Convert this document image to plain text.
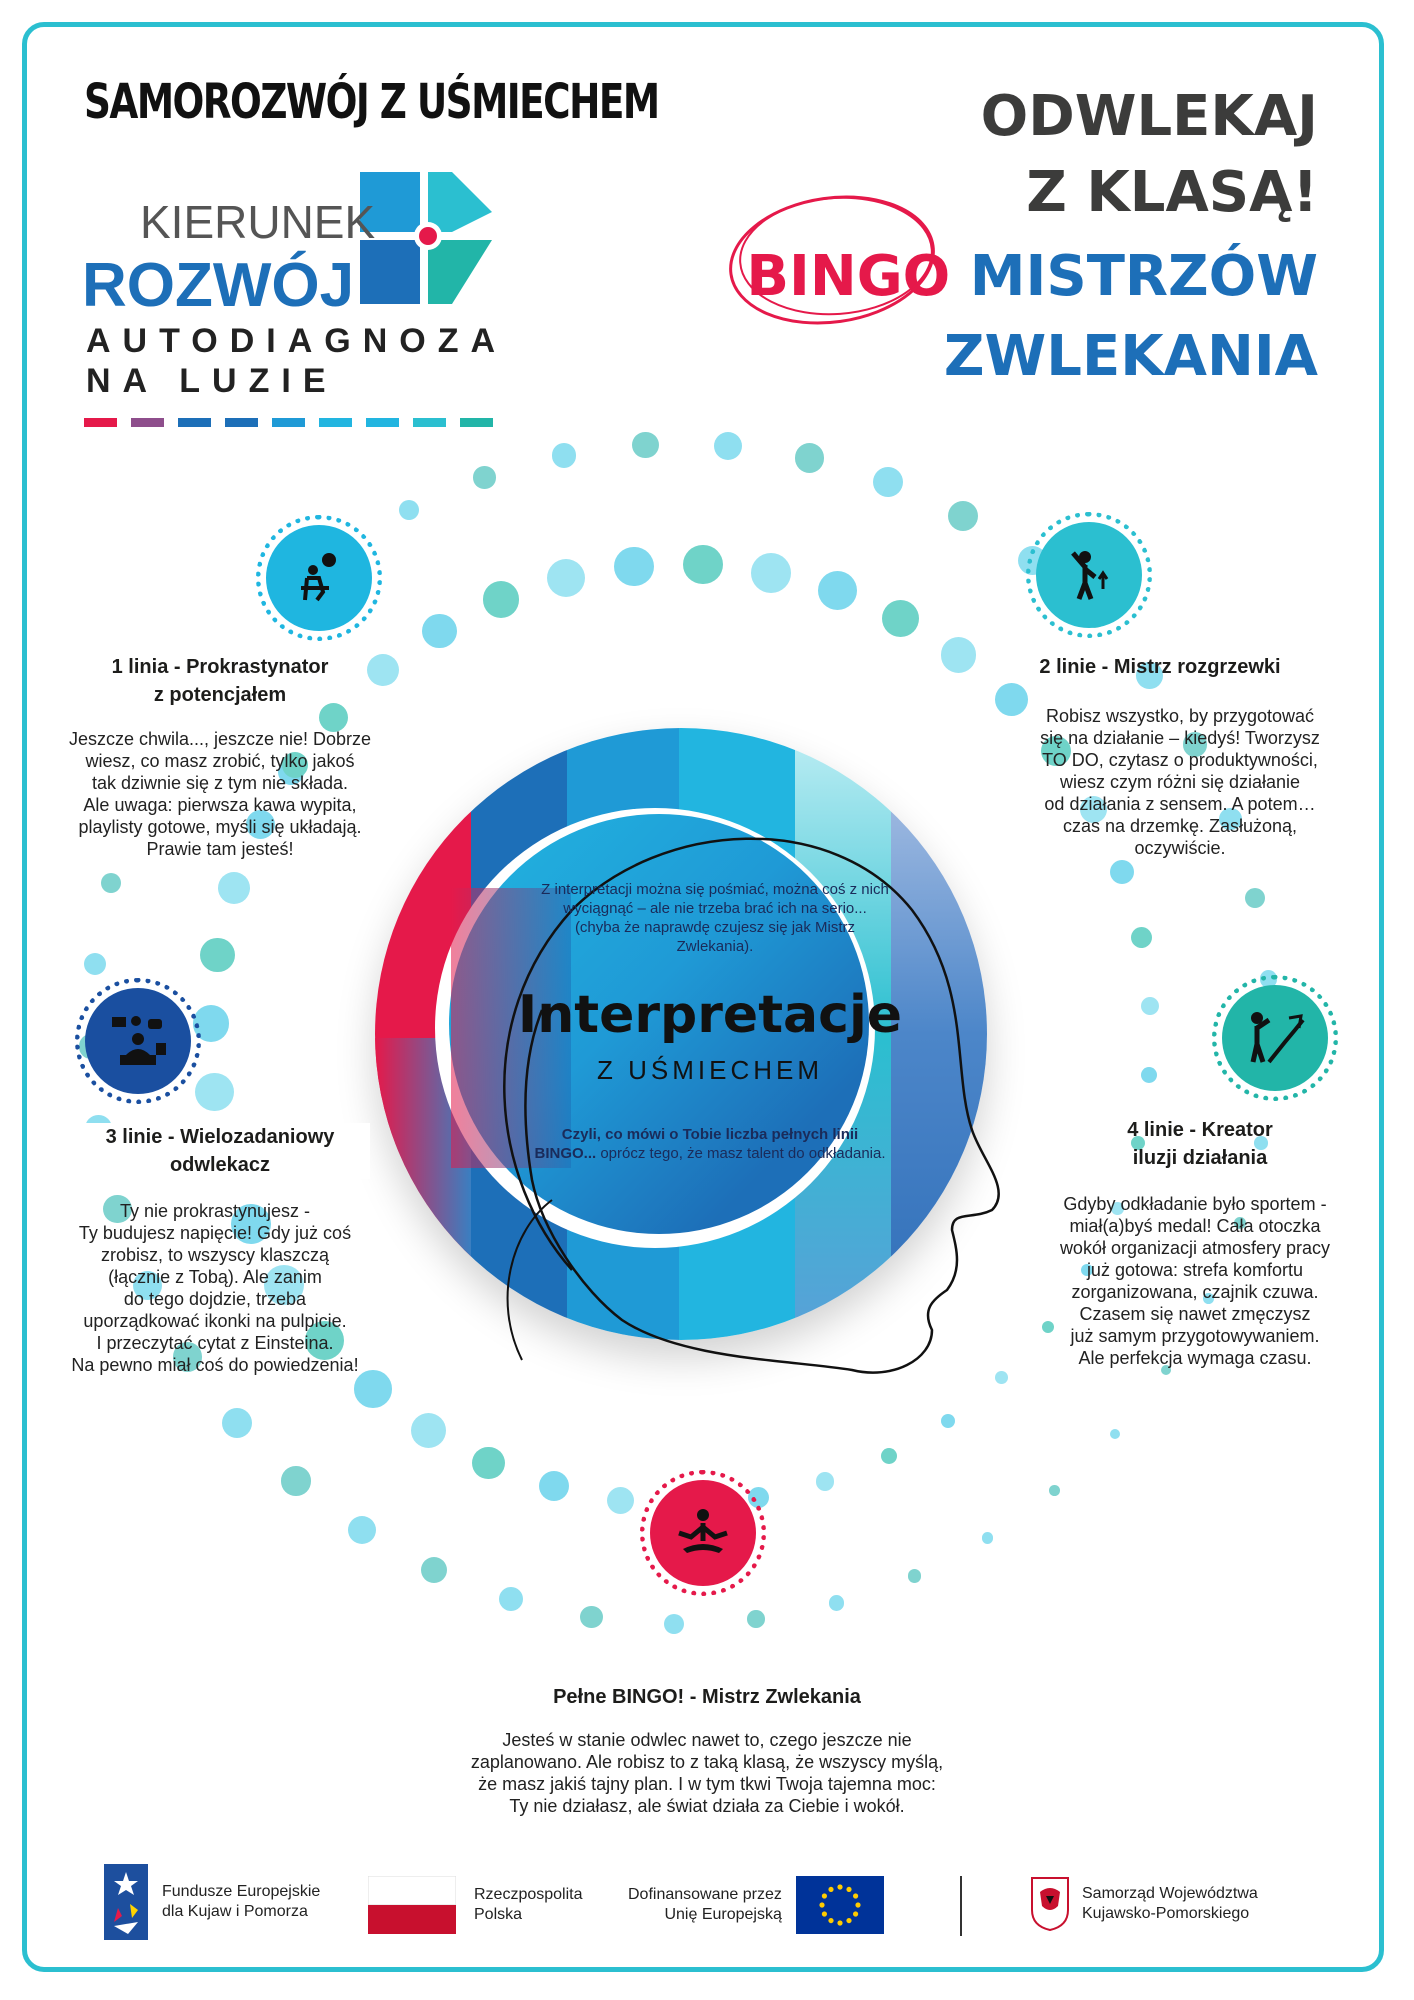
SAMOROZWÓJ Z UŚMIECHEM
KIERUNEK
ROZWÓJ
AUTODIAGNOZA
NA LUZIE
ODWLEKAJ
Z KLASĄ!
BINGO MISTRZÓW
ZWLEKANIA
Z interpretacji można się pośmiać, można coś z nich wyciągnąć – ale nie trzeba brać ich na serio... (chyba że naprawdę czujesz się jak Mistrz Zwlekania).
Interpretacje
Z UŚMIECHEM
Czyli, co mówi o Tobie liczba pełnych linii BINGO... oprócz tego, że masz talent do odkładania.
1 linia - Prokrastynator
z potencjałem
Jeszcze chwila..., jeszcze nie! Dobrze
wiesz, co masz zrobić, tylko jakoś
tak dziwnie się z tym nie składa.
Ale uwaga: pierwsza kawa wypita,
playlisty gotowe, myśli się układają.
Prawie tam jesteś!
2 linie - Mistrz rozgrzewki
Robisz wszystko, by przygotować
się na działanie – kiedyś! Tworzysz
TO DO, czytasz o produktywności,
wiesz czym różni się działanie
od działania z sensem. A potem…
czas na drzemkę. Zasłużoną,
oczywiście.
3 linie - Wielozadaniowy
odwlekacz
Ty nie prokrastynujesz -
Ty budujesz napięcie! Gdy już coś
zrobisz, to wszyscy klaszczą
(łącznie z Tobą). Ale zanim
do tego dojdzie, trzeba
uporządkować ikonki na pulpicie.
I przeczytać cytat z Einsteina.
Na pewno miał coś do powiedzenia!
4 linie - Kreator
iluzji działania
Gdyby odkładanie było sportem -
miał(a)byś medal! Cała otoczka
wokół organizacji atmosfery pracy
już gotowa: strefa komfortu
zorganizowana, czajnik czuwa.
Czasem się nawet zmęczysz
już samym przygotowywaniem.
Ale perfekcja wymaga czasu.
Pełne BINGO! - Mistrz Zwlekania
Jesteś w stanie odwlec nawet to, czego jeszcze nie
zaplanowano. Ale robisz to z taką klasą, że wszyscy myślą,
że masz jakiś tajny plan. I w tym tkwi Twoja tajemna moc:
Ty nie działasz, ale świat działa za Ciebie i wokół.
Fundusze Europejskie
dla Kujaw i Pomorza
Rzeczpospolita
Polska
Dofinansowane przez
Unię Europejską
Samorząd Województwa
Kujawsko-Pomorskiego
